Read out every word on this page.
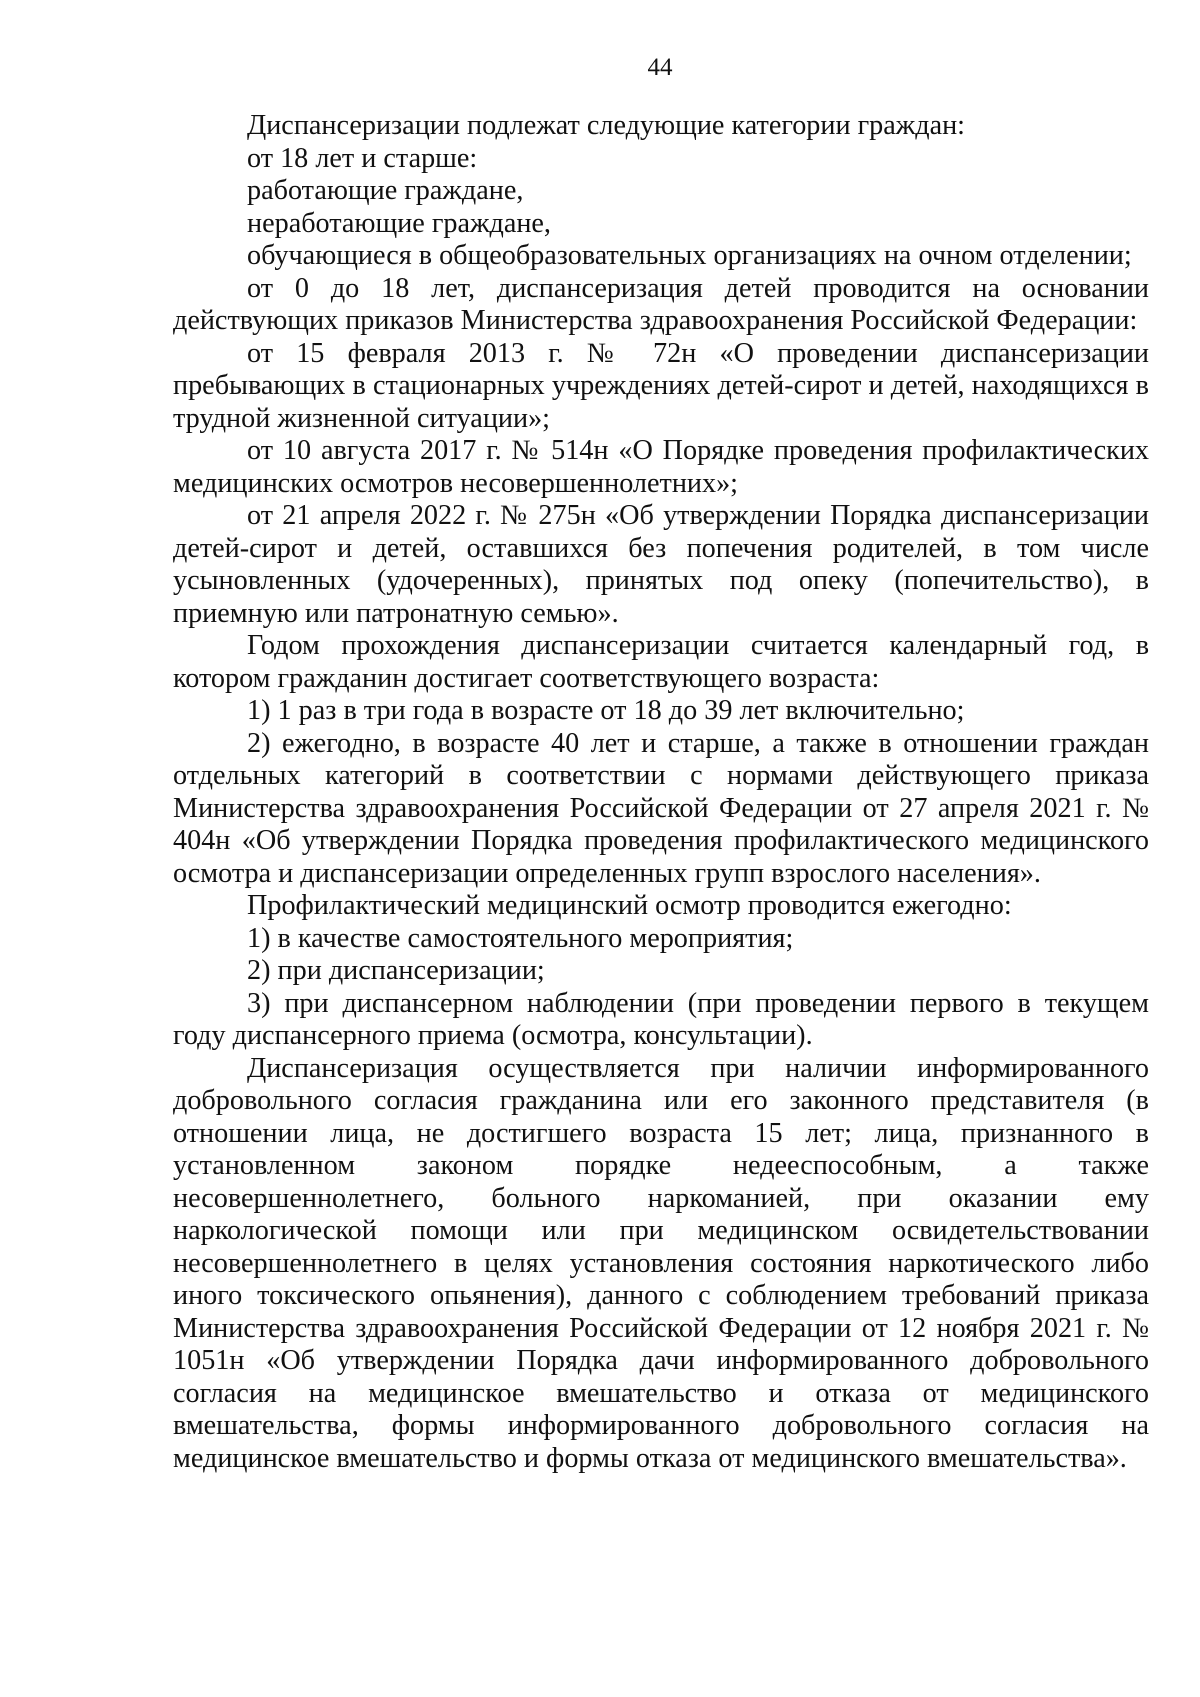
44

Диспансеризации подлежат следующие категории граждан:

от 18 лет и старше:

работающие граждане,

неработающие граждане,

обучающиеся в общеобразовательных организациях на очном отделении;

от 0 до 18 лет, диспансеризация детей проводится на основании действующих приказов Министерства здравоохранения Российской Федерации:

от 15 февраля 2013 г. № 72н «О проведении диспансеризации пребывающих в стационарных учреждениях детей-сирот и детей, находящихся в трудной жизненной ситуации»;

от 10 августа 2017 г. № 514н «О Порядке проведения профилактических медицинских осмотров несовершеннолетних»;

от 21 апреля 2022 г. № 275н «Об утверждении Порядка диспансеризации детей-сирот и детей, оставшихся без попечения родителей, в том числе усыновленных (удочеренных), принятых под опеку (попечительство), в приемную или патронатную семью».

Годом прохождения диспансеризации считается календарный год, в котором гражданин достигает соответствующего возраста:

1) 1 раз в три года в возрасте от 18 до 39 лет включительно;

2) ежегодно, в возрасте 40 лет и старше, а также в отношении граждан отдельных категорий в соответствии с нормами действующего приказа Министерства здравоохранения Российской Федерации от 27 апреля 2021 г. № 404н «Об утверждении Порядка проведения профилактического медицинского осмотра и диспансеризации определенных групп взрослого населения».

Профилактический медицинский осмотр проводится ежегодно:

1) в качестве самостоятельного мероприятия;

2) при диспансеризации;

3) при диспансерном наблюдении (при проведении первого в текущем году диспансерного приема (осмотра, консультации).

Диспансеризация осуществляется при наличии информированного добровольного согласия гражданина или его законного представителя (в отношении лица, не достигшего возраста 15 лет; лица, признанного в установленном законом порядке недееспособным, а также несовершеннолетнего, больного наркоманией, при оказании ему наркологической помощи или при медицинском освидетельствовании несовершеннолетнего в целях установления состояния наркотического либо иного токсического опьянения), данного с соблюдением требований приказа Министерства здравоохранения Российской Федерации от 12 ноября 2021 г. № 1051н «Об утверждении Порядка дачи информированного добровольного согласия на медицинское вмешательство и отказа от медицинского вмешательства, формы информированного добровольного согласия на медицинское вмешательство и формы отказа от медицинского вмешательства».
